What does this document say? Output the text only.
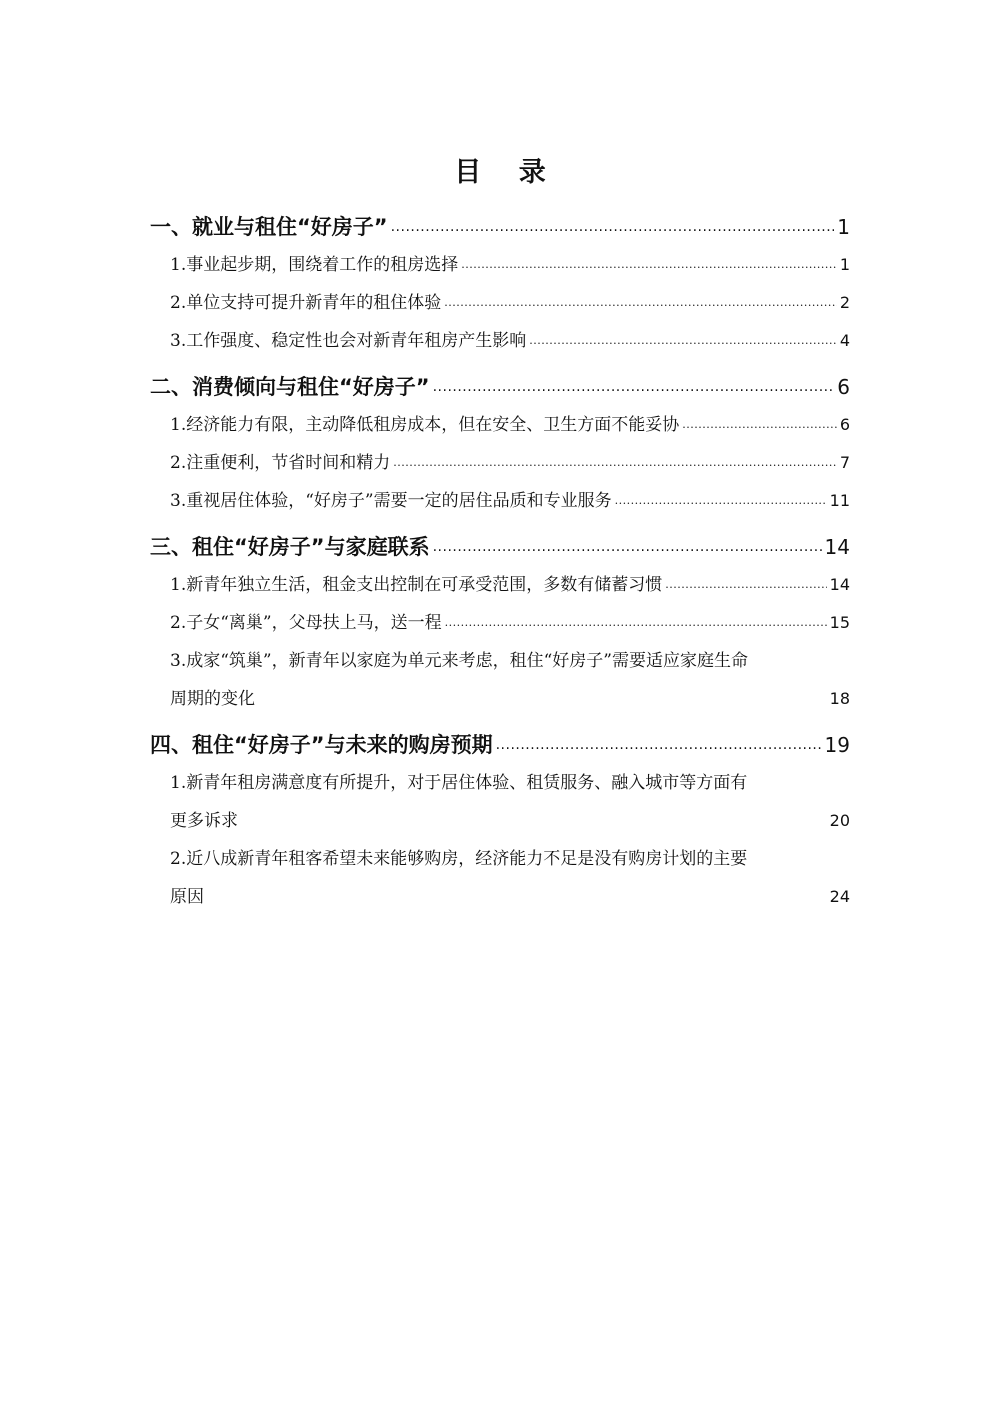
目 录
一、就业与租住“好房子” .....	1
1.事业起步期，围绕着工作的租房选择 .....	1
2.单位支持可提升新青年的租住体验 .....	2
3.工作强度、稳定性也会对新青年租房产生影响 .....	4
二、消费倾向与租住“好房子” .....	6
1.经济能力有限，主动降低租房成本，但在安全、卫生方面不能妥协 .....	6
2.注重便利，节省时间和精力 .....	7
3.重视居住体验，“好房子”需要一定的居住品质和专业服务 .....	11
三、租住“好房子”与家庭联系 .....	14
1.新青年独立生活，租金支出控制在可承受范围，多数有储蓄习惯 .....	14
2.子女“离巢”，父母扶上马，送一程 .....	15
3.成家“筑巢”，新青年以家庭为单元来考虑，租住“好房子”需要适应家庭生命
周期的变化	18
四、租住“好房子”与未来的购房预期 .....	19
1.新青年租房满意度有所提升，对于居住体验、租赁服务、融入城市等方面有
更多诉求	20
2.近八成新青年租客希望未来能够购房，经济能力不足是没有购房计划的主要
原因	24
